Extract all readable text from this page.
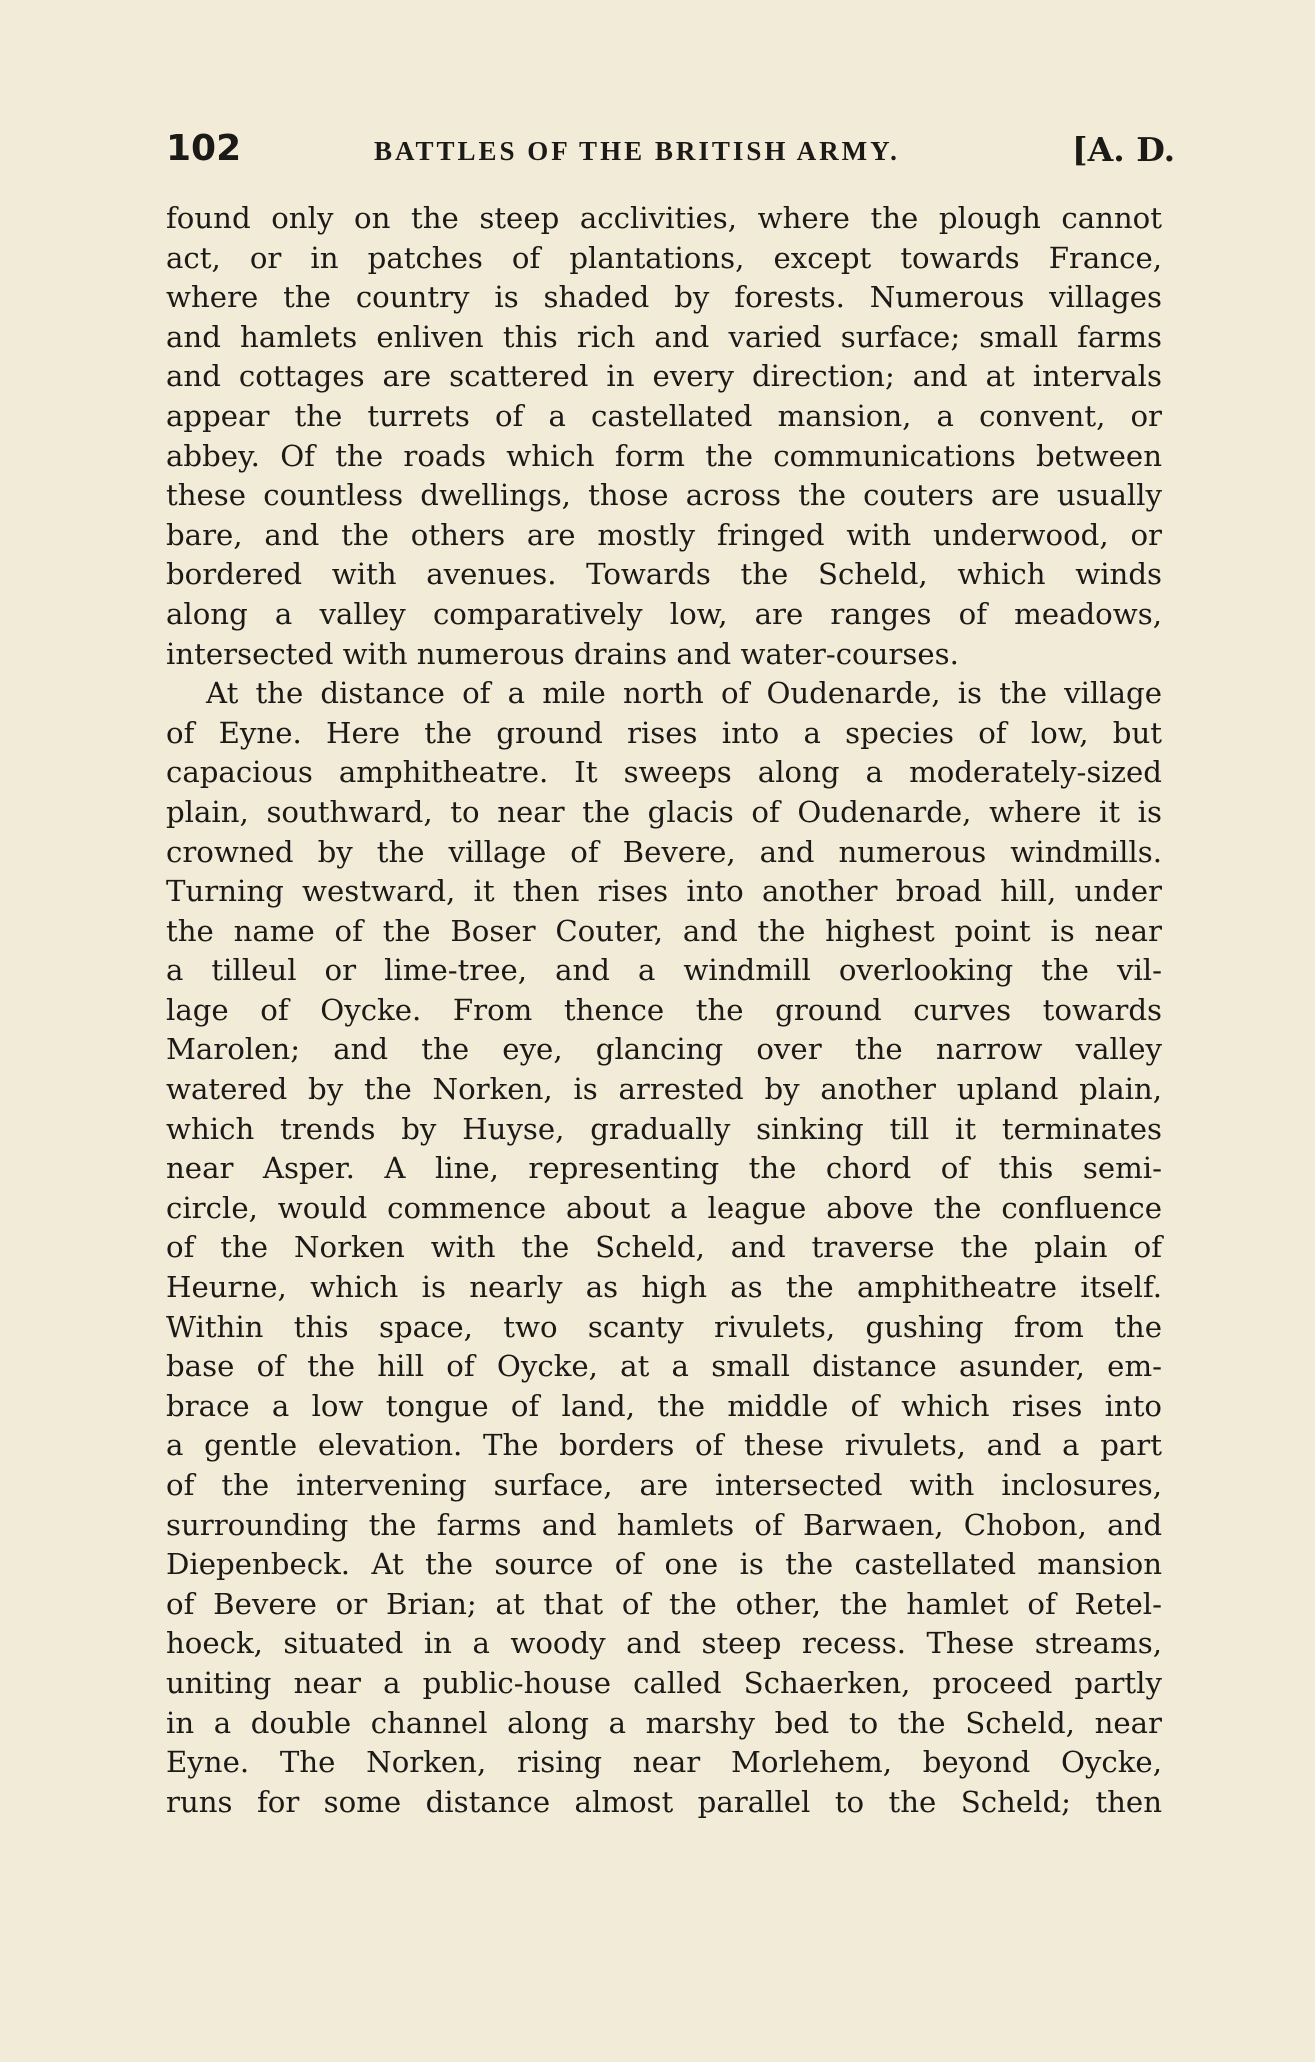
102	BATTLES OF THE BRITISH ARMY.	[A. D.
found only on the steep acclivities, where the plough cannot
act, or in patches of plantations, except towards France,
where the country is shaded by forests. Numerous villages
and hamlets enliven this rich and varied surface; small farms
and cottages are scattered in every direction; and at intervals
appear the turrets of a castellated mansion, a convent, or
abbey. Of the roads which form the communications between
these countless dwellings, those across the couters are usually
bare, and the others are mostly fringed with underwood, or
bordered with avenues. Towards the Scheld, which winds
along a valley comparatively low, are ranges of meadows,
intersected with numerous drains and water-courses.
At the distance of a mile north of Oudenarde, is the village
of Eyne. Here the ground rises into a species of low, but
capacious amphitheatre. It sweeps along a moderately-sized
plain, southward, to near the glacis of Oudenarde, where it is
crowned by the village of Bevere, and numerous windmills.
Turning westward, it then rises into another broad hill, under
the name of the Boser Couter, and the highest point is near
a tilleul or lime-tree, and a windmill overlooking the vil-
lage of Oycke. From thence the ground curves towards
Marolen; and the eye, glancing over the narrow valley
watered by the Norken, is arrested by another upland plain,
which trends by Huyse, gradually sinking till it terminates
near Asper. A line, representing the chord of this semi-
circle, would commence about a league above the confluence
of the Norken with the Scheld, and traverse the plain of
Heurne, which is nearly as high as the amphitheatre itself.
Within this space, two scanty rivulets, gushing from the
base of the hill of Oycke, at a small distance asunder, em-
brace a low tongue of land, the middle of which rises into
a gentle elevation. The borders of these rivulets, and a part
of the intervening surface, are intersected with inclosures,
surrounding the farms and hamlets of Barwaen, Chobon, and
Diepenbeck. At the source of one is the castellated mansion
of Bevere or Brian; at that of the other, the hamlet of Retel-
hoeck, situated in a woody and steep recess. These streams,
uniting near a public-house called Schaerken, proceed partly
in a double channel along a marshy bed to the Scheld, near
Eyne. The Norken, rising near Morlehem, beyond Oycke,
runs for some distance almost parallel to the Scheld; then
